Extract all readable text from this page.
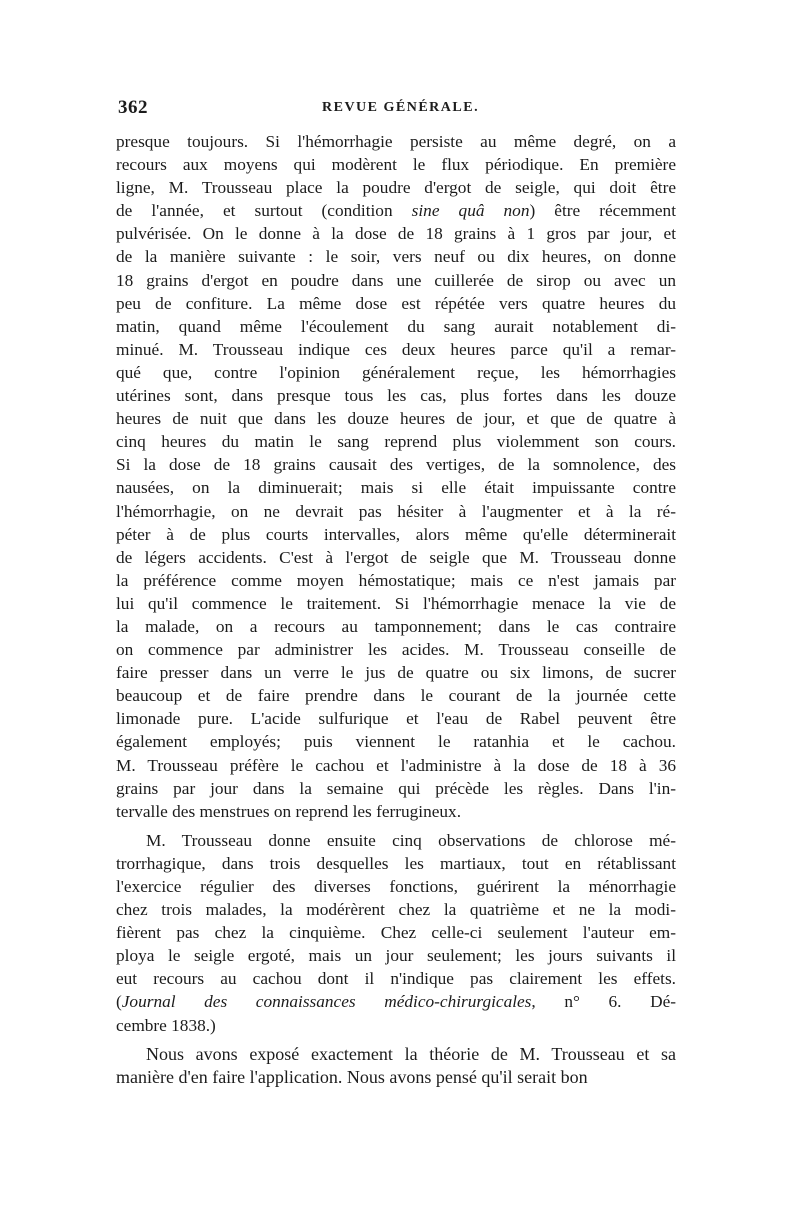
362	REVUE GÉNÉRALE.
presque toujours. Si l'hémorrhagie persiste au même degré, on a
recours aux moyens qui modèrent le flux périodique. En première
ligne, M. Trousseau place la poudre d'ergot de seigle, qui doit être
de l'année, et surtout (condition sine quâ non) être récemment
pulvérisée. On le donne à la dose de 18 grains à 1 gros par jour, et
de la manière suivante : le soir, vers neuf ou dix heures, on donne
18 grains d'ergot en poudre dans une cuillerée de sirop ou avec un
peu de confiture. La même dose est répétée vers quatre heures du
matin, quand même l'écoulement du sang aurait notablement di-
minué. M. Trousseau indique ces deux heures parce qu'il a remar-
qué que, contre l'opinion généralement reçue, les hémorrhagies
utérines sont, dans presque tous les cas, plus fortes dans les douze
heures de nuit que dans les douze heures de jour, et que de quatre à
cinq heures du matin le sang reprend plus violemment son cours.
Si la dose de 18 grains causait des vertiges, de la somnolence, des
nausées, on la diminuerait; mais si elle était impuissante contre
l'hémorrhagie, on ne devrait pas hésiter à l'augmenter et à la ré-
péter à de plus courts intervalles, alors même qu'elle déterminerait
de légers accidents. C'est à l'ergot de seigle que M. Trousseau donne
la préférence comme moyen hémostatique; mais ce n'est jamais par
lui qu'il commence le traitement. Si l'hémorrhagie menace la vie de
la malade, on a recours au tamponnement; dans le cas contraire
on commence par administrer les acides. M. Trousseau conseille de
faire presser dans un verre le jus de quatre ou six limons, de sucrer
beaucoup et de faire prendre dans le courant de la journée cette
limonade pure. L'acide sulfurique et l'eau de Rabel peuvent être
également employés; puis viennent le ratanhia et le cachou.
M. Trousseau préfère le cachou et l'administre à la dose de 18 à 36
grains par jour dans la semaine qui précède les règles. Dans l'in-
tervalle des menstrues on reprend les ferrugineux.
M. Trousseau donne ensuite cinq observations de chlorose mé-
trorrhagique, dans trois desquelles les martiaux, tout en rétablissant
l'exercice régulier des diverses fonctions, guérirent la ménorrhagie
chez trois malades, la modérèrent chez la quatrième et ne la modi-
fièrent pas chez la cinquième. Chez celle-ci seulement l'auteur em-
ploya le seigle ergoté, mais un jour seulement; les jours suivants il
eut recours au cachou dont il n'indique pas clairement les effets.
(Journal des connaissances médico-chirurgicales, n° 6. Dé-
cembre 1838.)
Nous avons exposé exactement la théorie de M. Trousseau et sa
manière d'en faire l'application. Nous avons pensé qu'il serait bon
